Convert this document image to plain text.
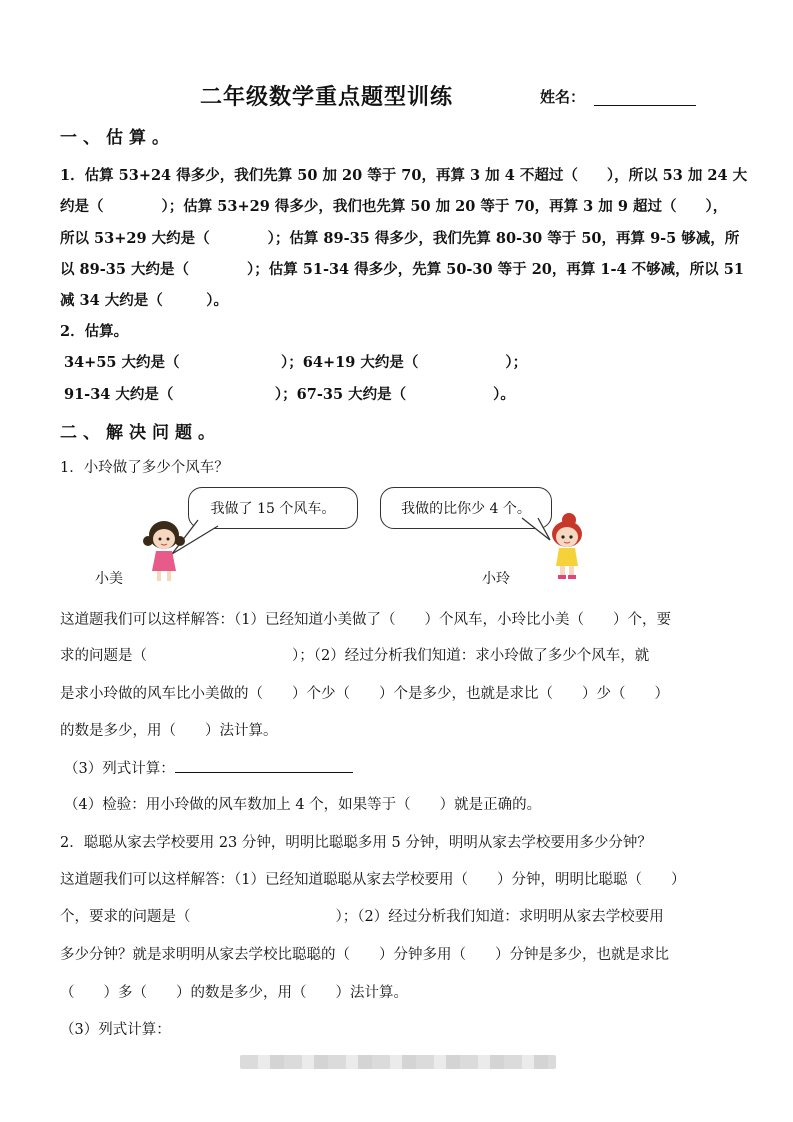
二年级数学重点题型训练	姓名：
一、估算。
1．估算 53+24 得多少，我们先算 50 加 20 等于 70，再算 3 加 4 不超过（　　），所以 53 加 24 大
约是（　　　　）；估算 53+29 得多少，我们也先算 50 加 20 等于 70，再算 3 加 9 超过（　　），
所以 53+29 大约是（　　　　）；估算 89-35 得多少，我们先算 80-30 等于 50，再算 9-5 够减，所
以 89-35 大约是（　　　　）；估算 51-34 得多少，先算 50-30 等于 20，再算 1-4 不够减，所以 51
减 34 大约是（　　　）。
2．估算。
34+55 大约是（　　　　　　　）；64+19 大约是（　　　　　　）；
91-34 大约是（　　　　　　　）；67-35 大约是（　　　　　　）。
二、解决问题。
1．小玲做了多少个风车？
我做了 15 个风车。	我做的比你少 4 个。
小美	小玲
这道题我们可以这样解答：（1）已经知道小美做了（　　）个风车，小玲比小美（　　）个，要
求的问题是（　　　　　　　　　　）；（2）经过分析我们知道：求小玲做了多少个风车，就
是求小玲做的风车比小美做的（　　）个少（　　）个是多少，也就是求比（　　）少（　　）
的数是多少，用（　　）法计算。
（3）列式计算：
（4）检验：用小玲做的风车数加上 4 个，如果等于（　　）就是正确的。
2．聪聪从家去学校要用 23 分钟，明明比聪聪多用 5 分钟，明明从家去学校要用多少分钟？
这道题我们可以这样解答：（1）已经知道聪聪从家去学校要用（　　）分钟，明明比聪聪（　　）
个，要求的问题是（　　　　　　　　　　）；（2）经过分析我们知道：求明明从家去学校要用
多少分钟？就是求明明从家去学校比聪聪的（　　）分钟多用（　　）分钟是多少，也就是求比
（　　）多（　　）的数是多少，用（　　）法计算。
（3）列式计算：
